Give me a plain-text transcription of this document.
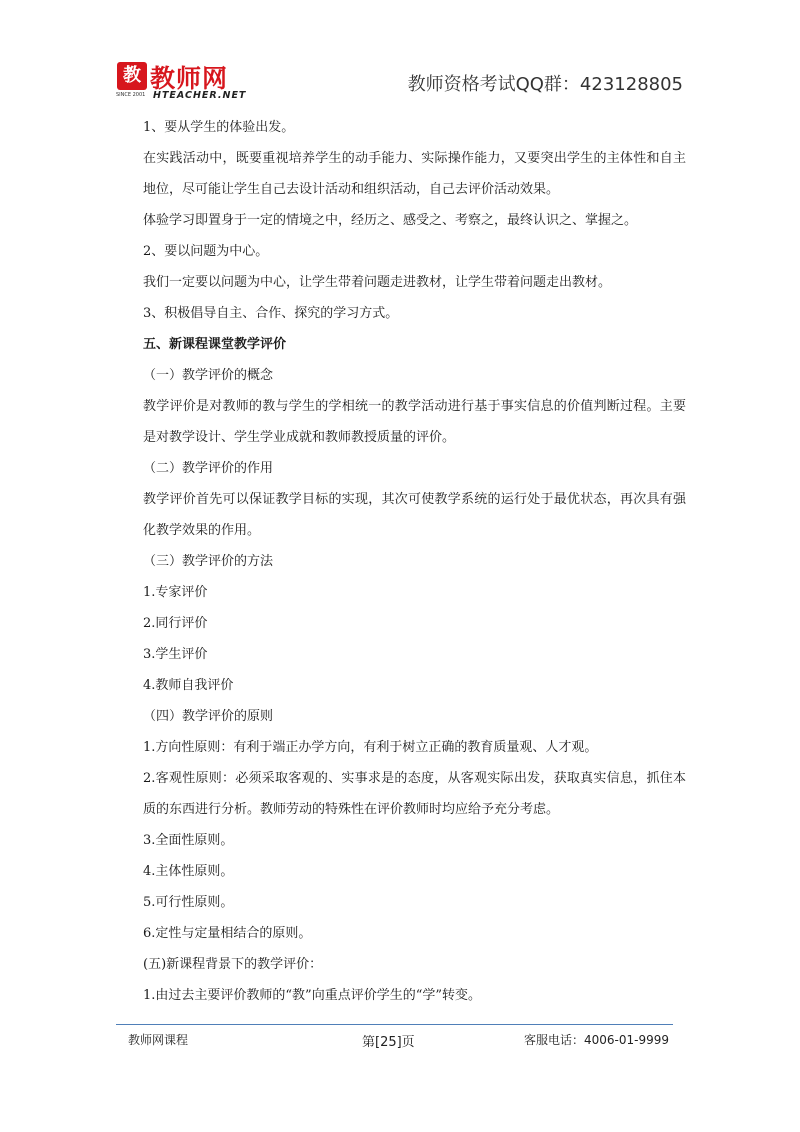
教 教师网
SINCE 2001 HTEACHER.NET
教师资格考试QQ群：423128805

1、要从学生的体验出发。

在实践活动中，既要重视培养学生的动手能力、实际操作能力，又要突出学生的主体性和自主地位，尽可能让学生自己去设计活动和组织活动，自己去评价活动效果。

体验学习即置身于一定的情境之中，经历之、感受之、考察之，最终认识之、掌握之。

2、要以问题为中心。

我们一定要以问题为中心，让学生带着问题走进教材，让学生带着问题走出教材。

3、积极倡导自主、合作、探究的学习方式。

五、新课程课堂教学评价

（一）教学评价的概念

教学评价是对教师的教与学生的学相统一的教学活动进行基于事实信息的价值判断过程。主要是对教学设计、学生学业成就和教师教授质量的评价。

（二）教学评价的作用

教学评价首先可以保证教学目标的实现，其次可使教学系统的运行处于最优状态，再次具有强化教学效果的作用。

（三）教学评价的方法

1.专家评价

2.同行评价

3.学生评价

4.教师自我评价

（四）教学评价的原则

1.方向性原则：有利于端正办学方向，有利于树立正确的教育质量观、人才观。

2.客观性原则：必须采取客观的、实事求是的态度，从客观实际出发，获取真实信息，抓住本质的东西进行分析。教师劳动的特殊性在评价教师时均应给予充分考虑。

3.全面性原则。

4.主体性原则。

5.可行性原则。

6.定性与定量相结合的原则。

(五)新课程背景下的教学评价：

1.由过去主要评价教师的“教”向重点评价学生的“学”转变。

教师网课程	第[25]页	客服电话：4006-01-9999
